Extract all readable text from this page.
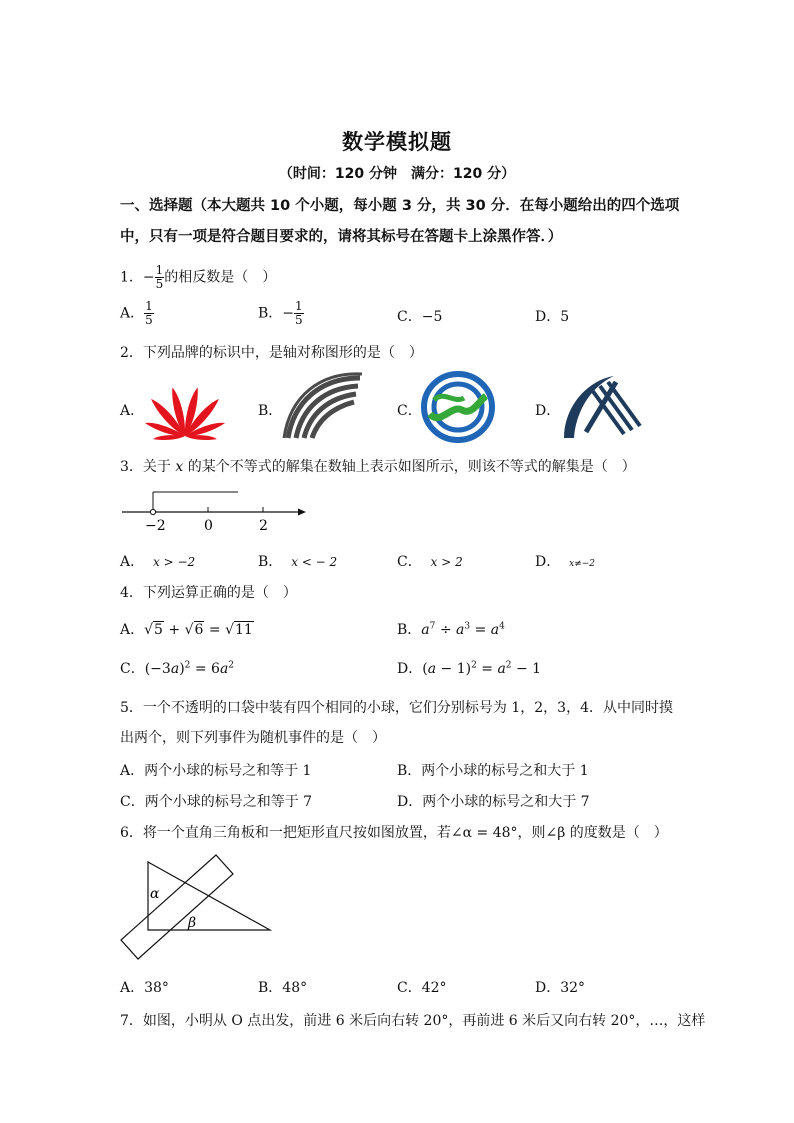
数学模拟题
（时间：120 分钟　满分：120 分）
一、选择题（本大题共 10 个小题，每小题 3 分，共 30 分．在每小题给出的四个选项中，只有一项是符合题目要求的，请将其标号在答题卡上涂黑作答．）
1．− $\frac{1}{5}$ 的相反数是（　）
A． $\frac{1}{5}$	B．− $\frac{1}{5}$	C．−5	D．5
2．下列品牌的标识中，是轴对称图形的是（　）
A．	B．	C．	D．
3．关于 x 的某个不等式的解集在数轴上表示如图所示，则该不等式的解集是（　）
−2	0	2
A． x > −2	B． x < − 2	C． x > 2	D． x≠−2
4．下列运算正确的是（　）
A．√5 + √6 = √11	B．$a^7 \div a^3 = a^4$
C．$(-3a)^2 = 6a^2$	D．$(a - 1)^2 = a^2 - 1$
5．一个不透明的口袋中装有四个相同的小球，它们分别标号为 1，2，3，4．从中同时摸
出两个，则下列事件为随机事件的是（　）
A．两个小球的标号之和等于 1	B．两个小球的标号之和大于 1
C．两个小球的标号之和等于 7	D．两个小球的标号之和大于 7
6．将一个直角三角板和一把矩形直尺按如图放置，若∠α = 48°，则∠β 的度数是（　）
α
β
A．38°	B．48°	C．42°	D．32°
7．如图，小明从 O 点出发，前进 6 米后向右转 20°，再前进 6 米后又向右转 20°，…，这样
